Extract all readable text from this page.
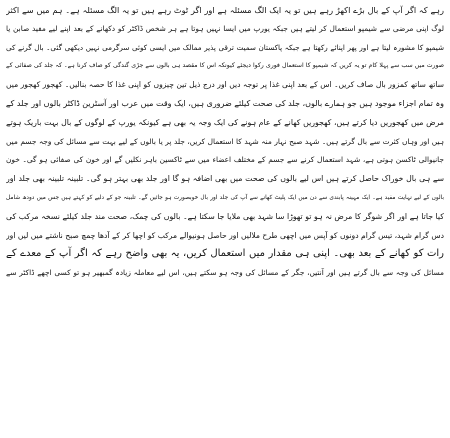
رہے کہ اگر آپ کے بال بڑے اکھڑ رہے ہیں تو یہ ایک الگ مسئلہ ہے اور اگر ٹوٹ رہے ہیں تو یہ الگ مسئلہ ہے۔ ہم میں سے اکثر
لوگ اپنی مرضی سے شیمپو استعمال کر لیتے ہیں جبکہ یورپ میں ایسا نہیں ہوتا ہے ہر شخص ڈاکٹر کو دکھانے کے بعد اپنے لیے مفید صابن یا
شیمپو کا مشورہ لیتا ہے اور پھر اپنائے رکھتا ہے جبکہ پاکستان سمیت ترقی پذیر ممالک میں ایسی کوئی سرگرمی نہیں دیکھی گئی۔ بال گرنے کی
صورت میں سب سے پہلا کام تو یہ کریں کہ شیمپو کا استعمال فوری رکوا دیجئے کیونکہ اس کا مقصد ہی بالوں سے جڑی گندگی کو صاف کرنا ہے۔ کہ جلد کی صفائی کے
ساتھ ساتھ کمزور بال صاف کریں۔ اس کے بعد اپنی غذا پر توجہ دیں اور درج ذیل تین چیزوں کو اپنی غذا کا حصہ بنالیں۔ کھجور کھجور میں
وہ تمام اجزاء موجود ہیں جو ہمارے بالوں، جلد کی صحت کیلئے ضروری ہیں، ایک وقت میں عرب اور آسٹرین ڈاکٹر بالوں اور جلد کے
مرض میں کھجوریں دیا کرتے ہیں، کھجوریں کھانے کے عام ہونے کی ایک وجہ یہ بھی ہے کیونکہ یورپ کے لوگوں کے بال بہت باریک ہوتے
ہیں اور وہاں کثرت سے بال گرتے ہیں۔ شہد صبح نہار منہ شہد کا استعمال کریں، جلد پر یا بالوں کے لیے بہت سے مسائل کی وجہ جسم میں
جانیوالی ٹاکسن ہوتی ہے، شہد استعمال کرنے سے جسم کے مختلف اعضاء میں سے ٹاکسین باہر نکلیں گے اور خون کی صفائی ہو گی۔ خون
سے ہی بال خوراک حاصل کرتے ہیں اس لیے بالوں کی صحت میں بھی اضافہ ہو گا اور جلد بھی بہتر ہو گی۔ تلبینہ تلبینہ بھی جلد اور
بالوں کے لیے نہایت مفید ہے۔ ایک مہینہ پابندی سے دن میں ایک پلیٹ کھانے سے آپ کی جلد اور بال خوبصورت ہو جائیں گے۔ تلبینہ جو کے دلیے کو کہتے ہیں جس میں دودھ شامل
کیا جاتا ہے اور اگر شوگر کا مرض نہ ہو تو تھوڑا سا شہد بھی ملایا جا سکتا ہے۔ بالوں کی چمک، صحت مند جلد کیلئے نسخہ مرکب کی
دس گرام شہد، تیس گرام دونوں کو آپس میں اچھی طرح ملالیں اور حاصل ہونیوالے مرکب کو اچھا کر کے آدھا چمچ صبح ناشتے میں لیں اور
رات کو کھانے کے بعد بھی۔ اپنی ہی مقدار میں استعمال کریں، یہ بھی واضح رہے کہ اگر آپ کے معدے کے
مسائل کی وجہ سے بال گرتے ہیں اور آنتیں، جگر کے مسائل کی وجہ ہو سکتے ہیں، اس لیے معاملہ زیادہ گمبھیر ہو تو کسی اچھے ڈاکٹر سے
